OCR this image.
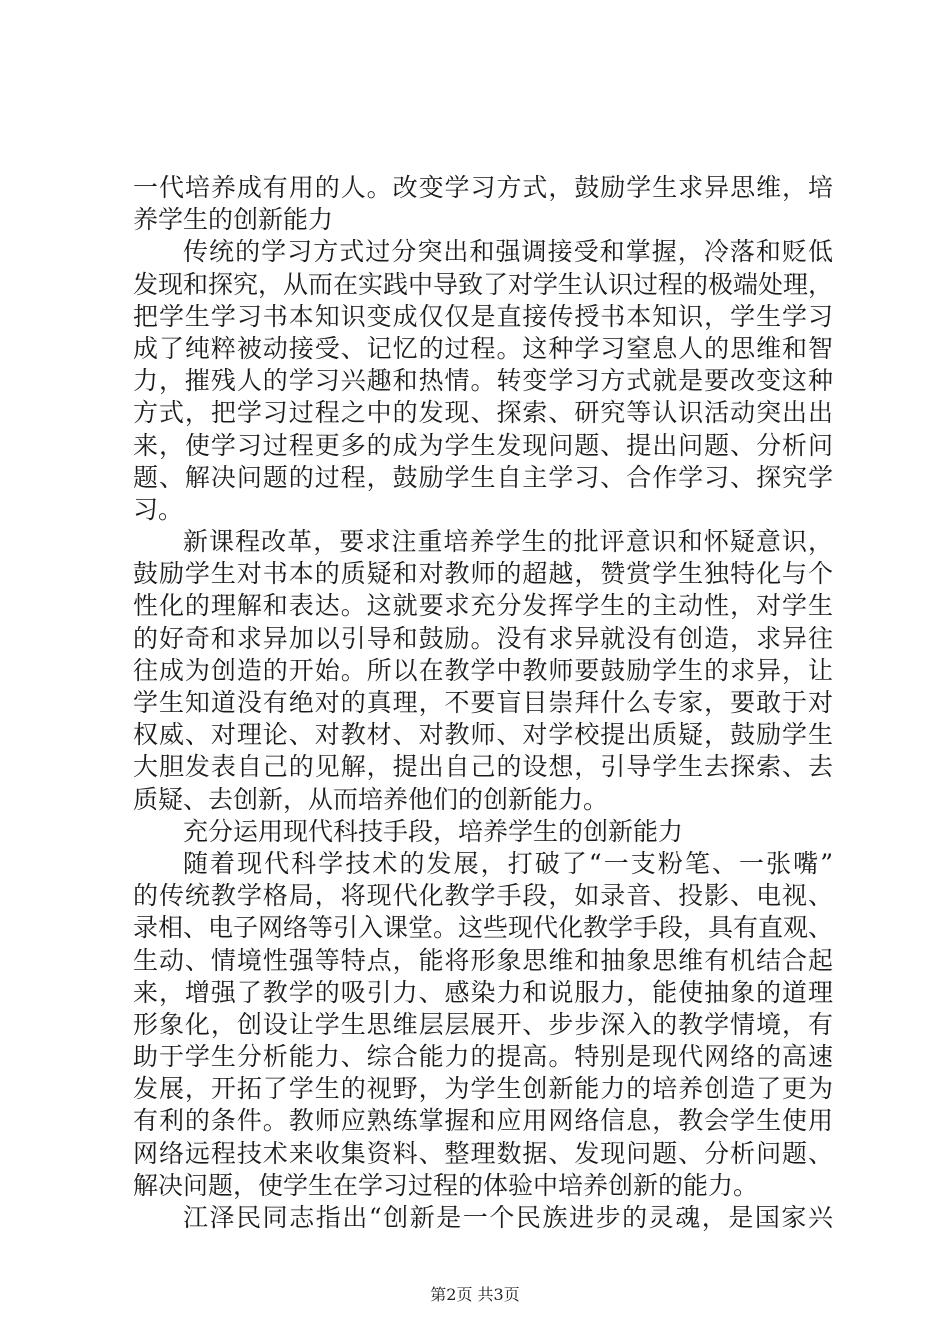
一代培养成有用的人。改变学习方式，鼓励学生求异思维，培
养学生的创新能力
传统的学习方式过分突出和强调接受和掌握，冷落和贬低
发现和探究，从而在实践中导致了对学生认识过程的极端处理，
把学生学习书本知识变成仅仅是直接传授书本知识，学生学习
成了纯粹被动接受、记忆的过程。这种学习窒息人的思维和智
力，摧残人的学习兴趣和热情。转变学习方式就是要改变这种
方式，把学习过程之中的发现、探索、研究等认识活动突出出
来，使学习过程更多的成为学生发现问题、提出问题、分析问
题、解决问题的过程，鼓励学生自主学习、合作学习、探究学
习。
新课程改革，要求注重培养学生的批评意识和怀疑意识，
鼓励学生对书本的质疑和对教师的超越，赞赏学生独特化与个
性化的理解和表达。这就要求充分发挥学生的主动性，对学生
的好奇和求异加以引导和鼓励。没有求异就没有创造，求异往
往成为创造的开始。所以在教学中教师要鼓励学生的求异，让
学生知道没有绝对的真理，不要盲目崇拜什么专家，要敢于对
权威、对理论、对教材、对教师、对学校提出质疑，鼓励学生
大胆发表自己的见解，提出自己的设想，引导学生去探索、去
质疑、去创新，从而培养他们的创新能力。
充分运用现代科技手段，培养学生的创新能力
随着现代科学技术的发展，打破了“一支粉笔、一张嘴”
的传统教学格局，将现代化教学手段，如录音、投影、电视、
录相、电子网络等引入课堂。这些现代化教学手段，具有直观、
生动、情境性强等特点，能将形象思维和抽象思维有机结合起
来，增强了教学的吸引力、感染力和说服力，能使抽象的道理
形象化，创设让学生思维层层展开、步步深入的教学情境，有
助于学生分析能力、综合能力的提高。特别是现代网络的高速
发展，开拓了学生的视野，为学生创新能力的培养创造了更为
有利的条件。教师应熟练掌握和应用网络信息，教会学生使用
网络远程技术来收集资料、整理数据、发现问题、分析问题、
解决问题，使学生在学习过程的体验中培养创新的能力。
江泽民同志指出“创新是一个民族进步的灵魂，是国家兴
第2页 共3页
